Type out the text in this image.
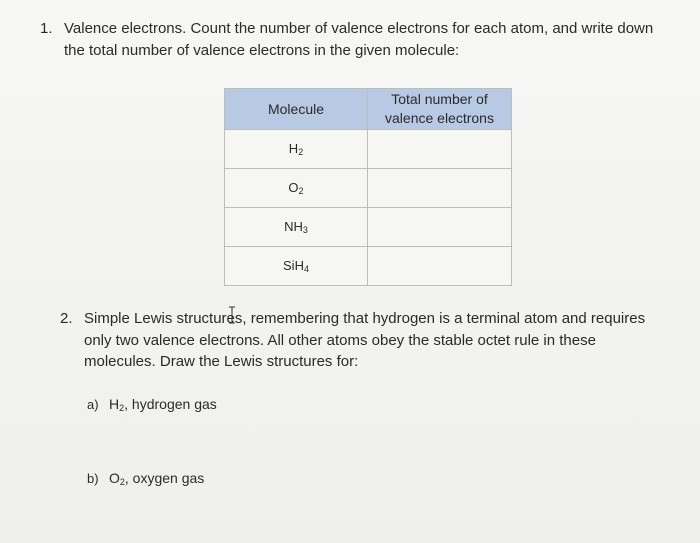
1. Valence electrons. Count the number of valence electrons for each atom, and write down the total number of valence electrons in the given molecule:
Molecule	Total number of valence electrons
$H_2$	
$O_2$	
$NH_3$	
SiH$_4$	
2. Simple Lewis structures, remembering that hydrogen is a terminal atom and requires only two valence electrons. All other atoms obey the stable octet rule in these molecules. Draw the Lewis structures for:
a) $H_2$, hydrogen gas
b) $O_2$, oxygen gas
